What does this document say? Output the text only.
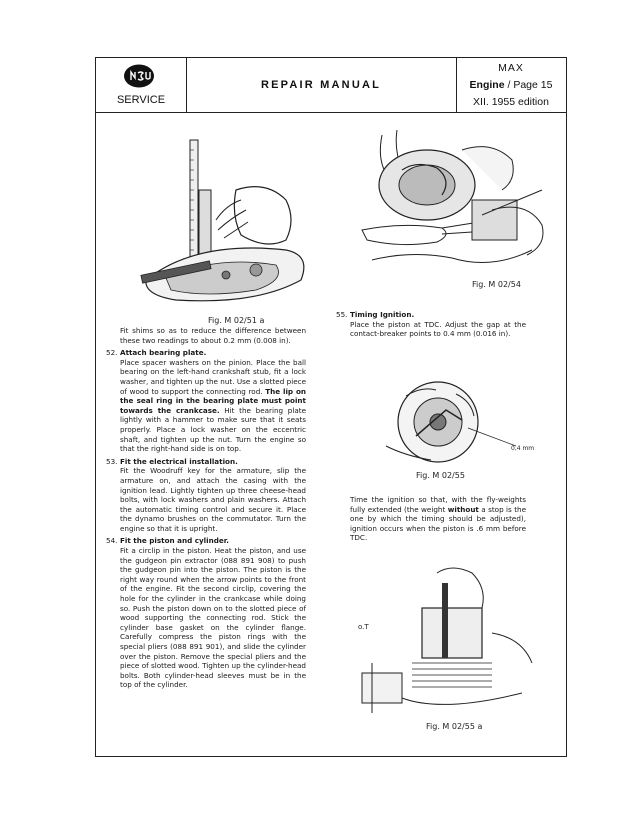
SERVICE
REPAIR MANUAL
MAX
Engine / Page 15
XII. 1955 edition
Fig. M 02/51 a
Fig. M 02/54
0,4 mm
Fig. M 02/55
o.T
Fig. M 02/55 a

Fit shims so as to reduce the difference between these two readings to about 0.2 mm (0.008 in).

52. Attach bearing plate.

Place spacer washers on the pinion. Place the ball bearing on the left-hand crankshaft stub, fit a lock washer, and tighten up the nut. Use a slotted piece of wood to support the connecting rod. The lip on the seal ring in the bearing plate must point towards the crankcase. Hit the bearing plate lightly with a hammer to make sure that it seats properly. Place a lock washer on the eccentric shaft, and tighten up the nut. Turn the engine so that the right-hand side is on top.

53. Fit the electrical installation.

Fit the Woodruff key for the armature, slip the armature on, and attach the casing with the ignition lead. Lightly tighten up three cheese-head bolts, with lock washers and plain washers. Attach the automatic timing control and secure it. Place the dynamo brushes on the commutator. Turn the engine so that it is upright.

54. Fit the piston and cylinder.

Fit a circlip in the piston. Heat the piston, and use the gudgeon pin extractor (088 891 908) to push the gudgeon pin into the piston. The piston is the right way round when the arrow points to the front of the engine. Fit the second circlip, covering the hole for the cylinder in the crankcase while doing so. Push the piston down on to the slotted piece of wood supporting the connecting rod. Stick the cylinder base gasket on the cylinder flange. Carefully compress the piston rings with the special pliers (088 891 901), and slide the cylinder over the piston. Remove the special pliers and the piece of slotted wood. Tighten up the cylinder-head bolts. Both cylinder-head sleeves must be in the top of the cylinder.

55. Timing Ignition.

Place the piston at TDC. Adjust the gap at the contact-breaker points to 0.4 mm (0.016 in).

Time the ignition so that, with the fly-weights fully extended (the weight without a stop is the one by which the timing should be adjusted), ignition occurs when the piston is .6 mm before TDC.
